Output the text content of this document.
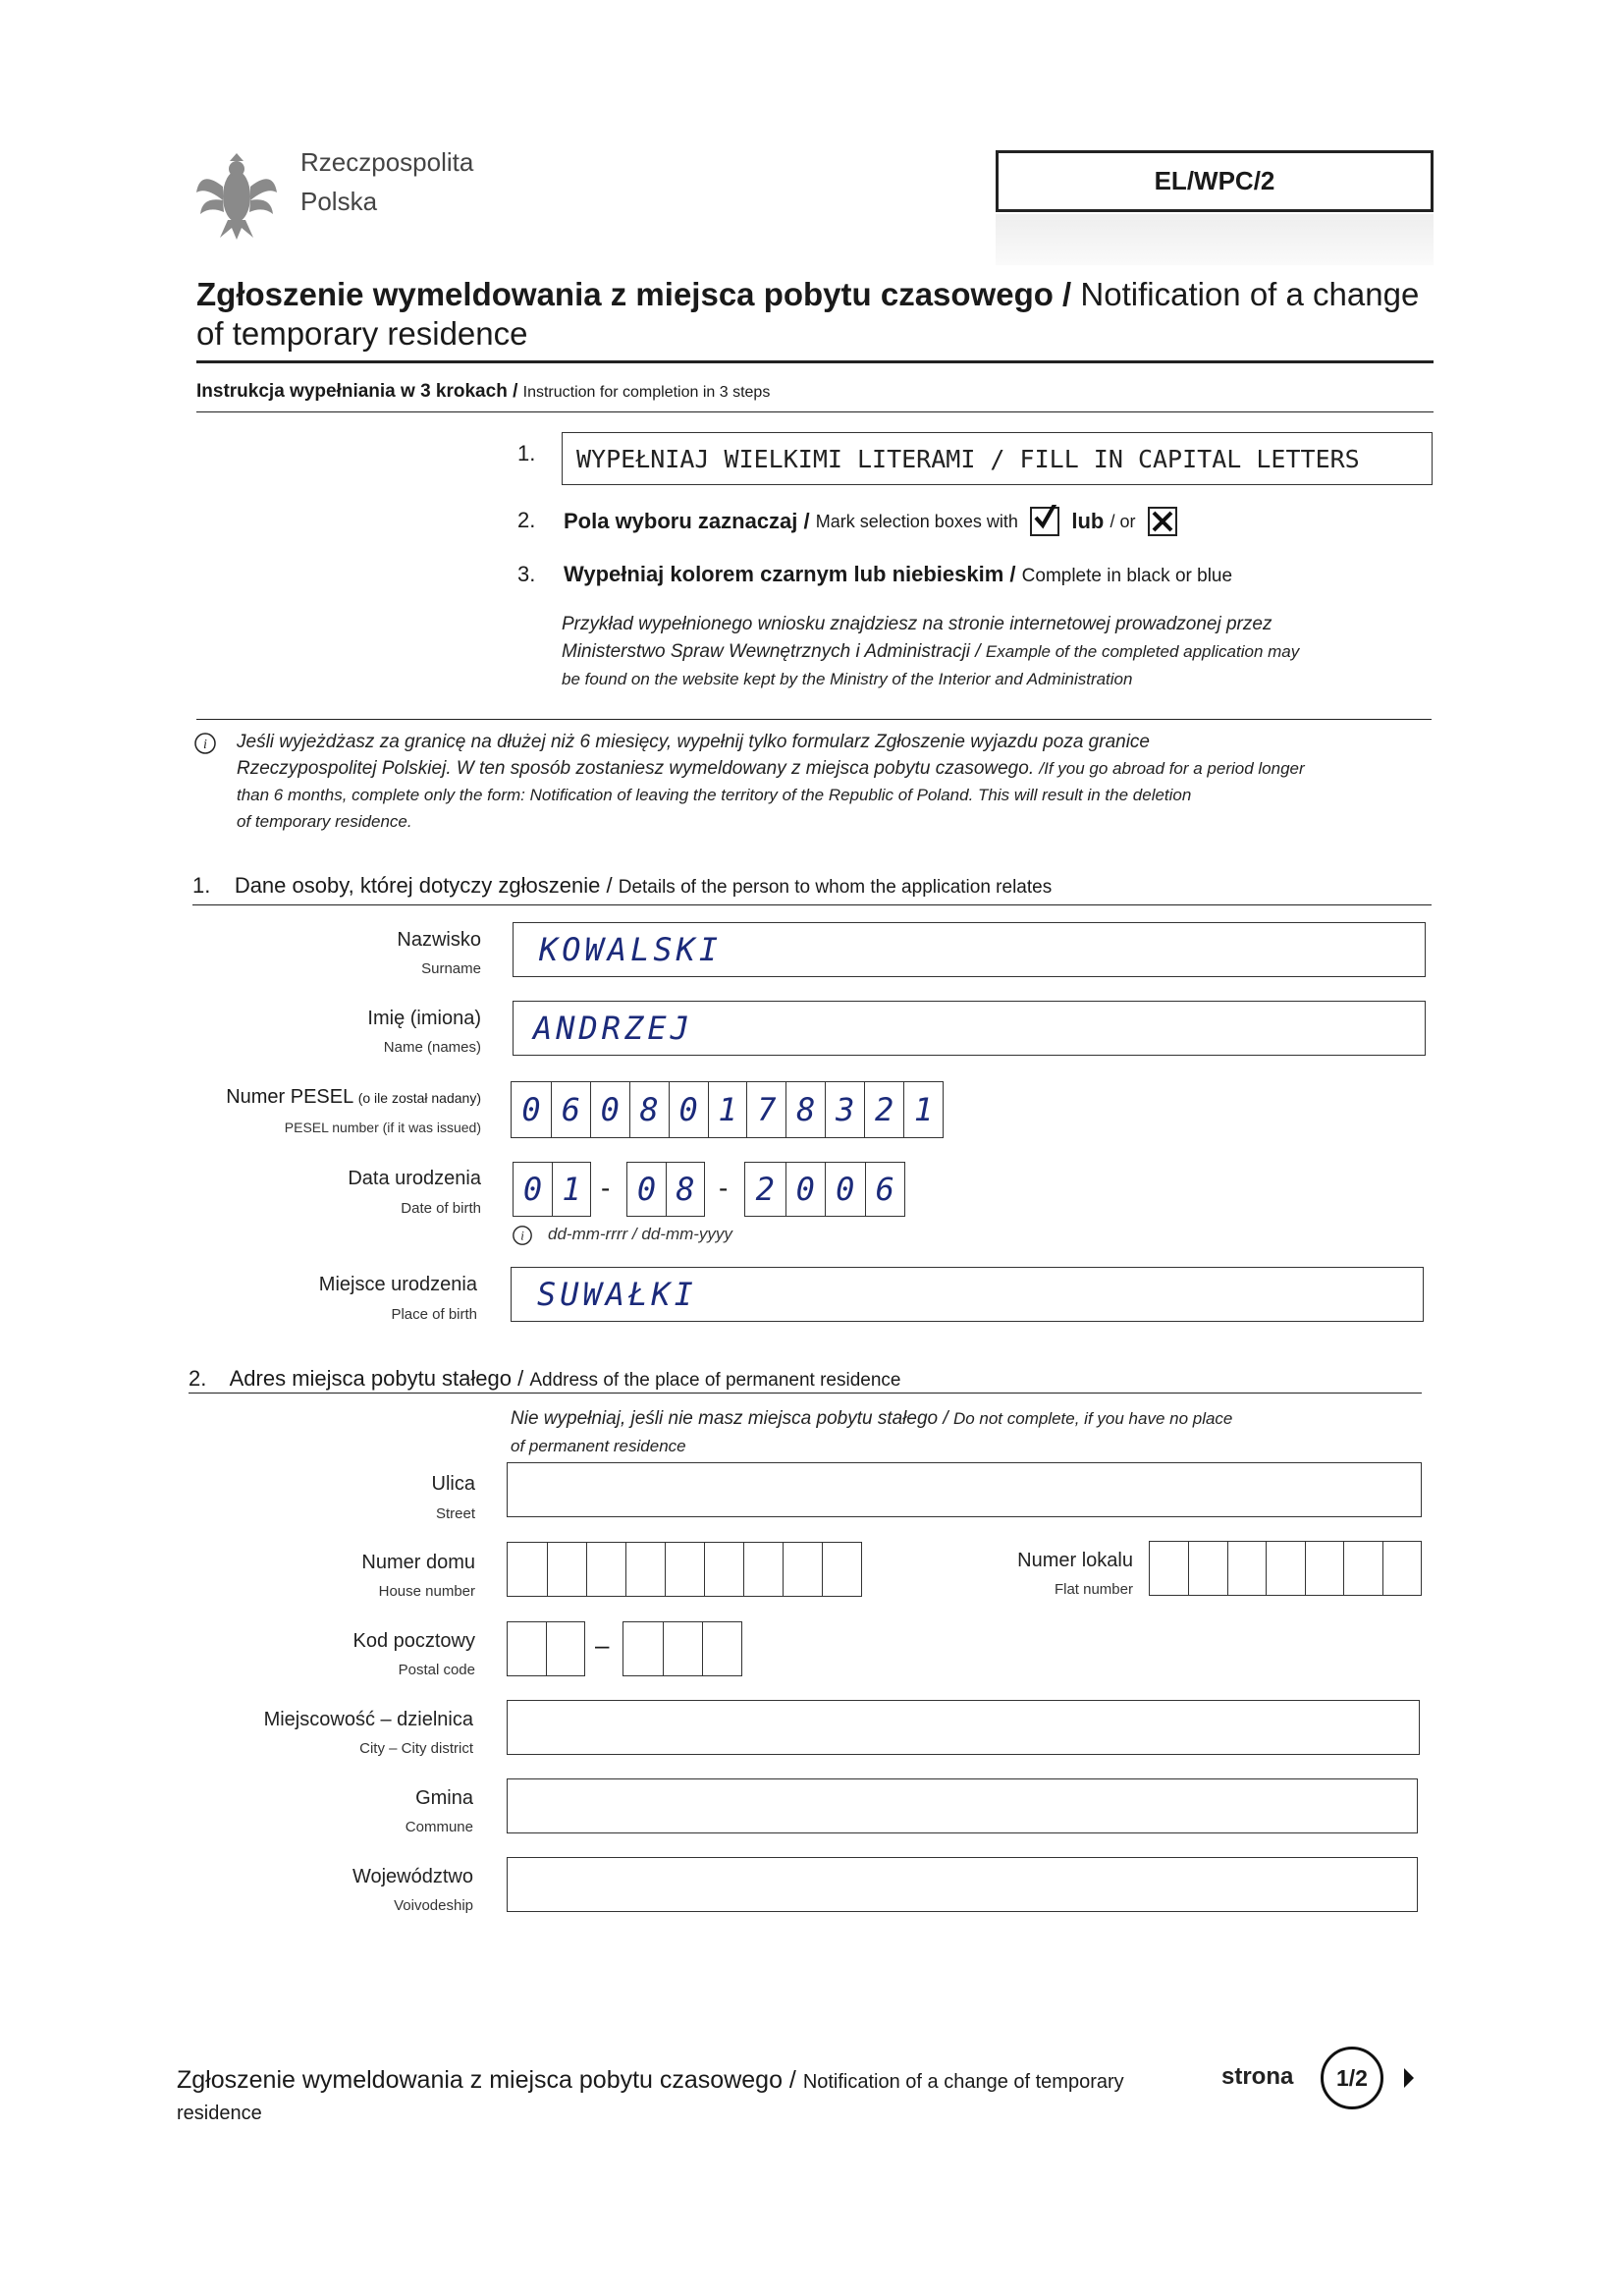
Rzeczpospolita
Polska
EL/WPC/2
Zgłoszenie wymeldowania z miejsca pobytu czasowego / Notification of a change
of temporary residence
Instrukcja wypełniania w 3 krokach / Instruction for completion in 3 steps
1. WYPEŁNIAJ WIELKIMI LITERAMI / FILL IN CAPITAL LETTERS
2. Pola wyboru zaznaczaj /
Mark selection boxes with

lub
/ or

3. Wypełniaj kolorem czarnym lub niebieskim / Complete in black or blue
Przykład wypełnionego wniosku znajdziesz na stronie internetowej prowadzonej przez
Ministerstwo Spraw Wewnętrznych i Administracji / Example of the completed application may
be found on the website kept by the Ministry of the Interior and Administration
i Jeśli wyjeżdżasz za granicę na dłużej niż 6 miesięcy, wypełnij tylko formularz Zgłoszenie wyjazdu poza granice
Rzeczypospolitej Polskiej. W ten sposób zostaniesz wymeldowany z miejsca pobytu czasowego. /If you go abroad for a period longer
than 6 months, complete only the form: Notification of leaving the territory of the Republic of Poland. This will result in the deletion
of temporary residence.
1. Dane osoby, której dotyczy zgłoszenie / Details of the person to whom the application relates
Nazwisko
Surname
KOWALSKI
Imię (imiona)
Name (names)
ANDRZEJ
Numer PESEL (o ile został nadany)
PESEL number (if it was issued) 0 6 0 8 0 1 7 8 3 2 1
Data urodzenia
Date of birth
0 1 - 0 8 - 2 0 0 6
i dd-mm-rrrr / dd-mm-yyyy
Miejsce urodzenia
Place of birth
SUWAŁKI
2. Adres miejsca pobytu stałego / Address of the place of permanent residence
Nie wypełniaj, jeśli nie masz miejsca pobytu stałego / Do not complete, if you have no place
of permanent residence
Ulica
Street
Numer domu
House number
Numer lokalu
Flat number
Kod pocztowy
Postal code
–
Miejscowość – dzielnica
City – City district
Gmina
Commune
Województwo
Voivodeship
Zgłoszenie wymeldowania z miejsca pobytu czasowego / Notification of a change of temporary
residence
strona 1/2
